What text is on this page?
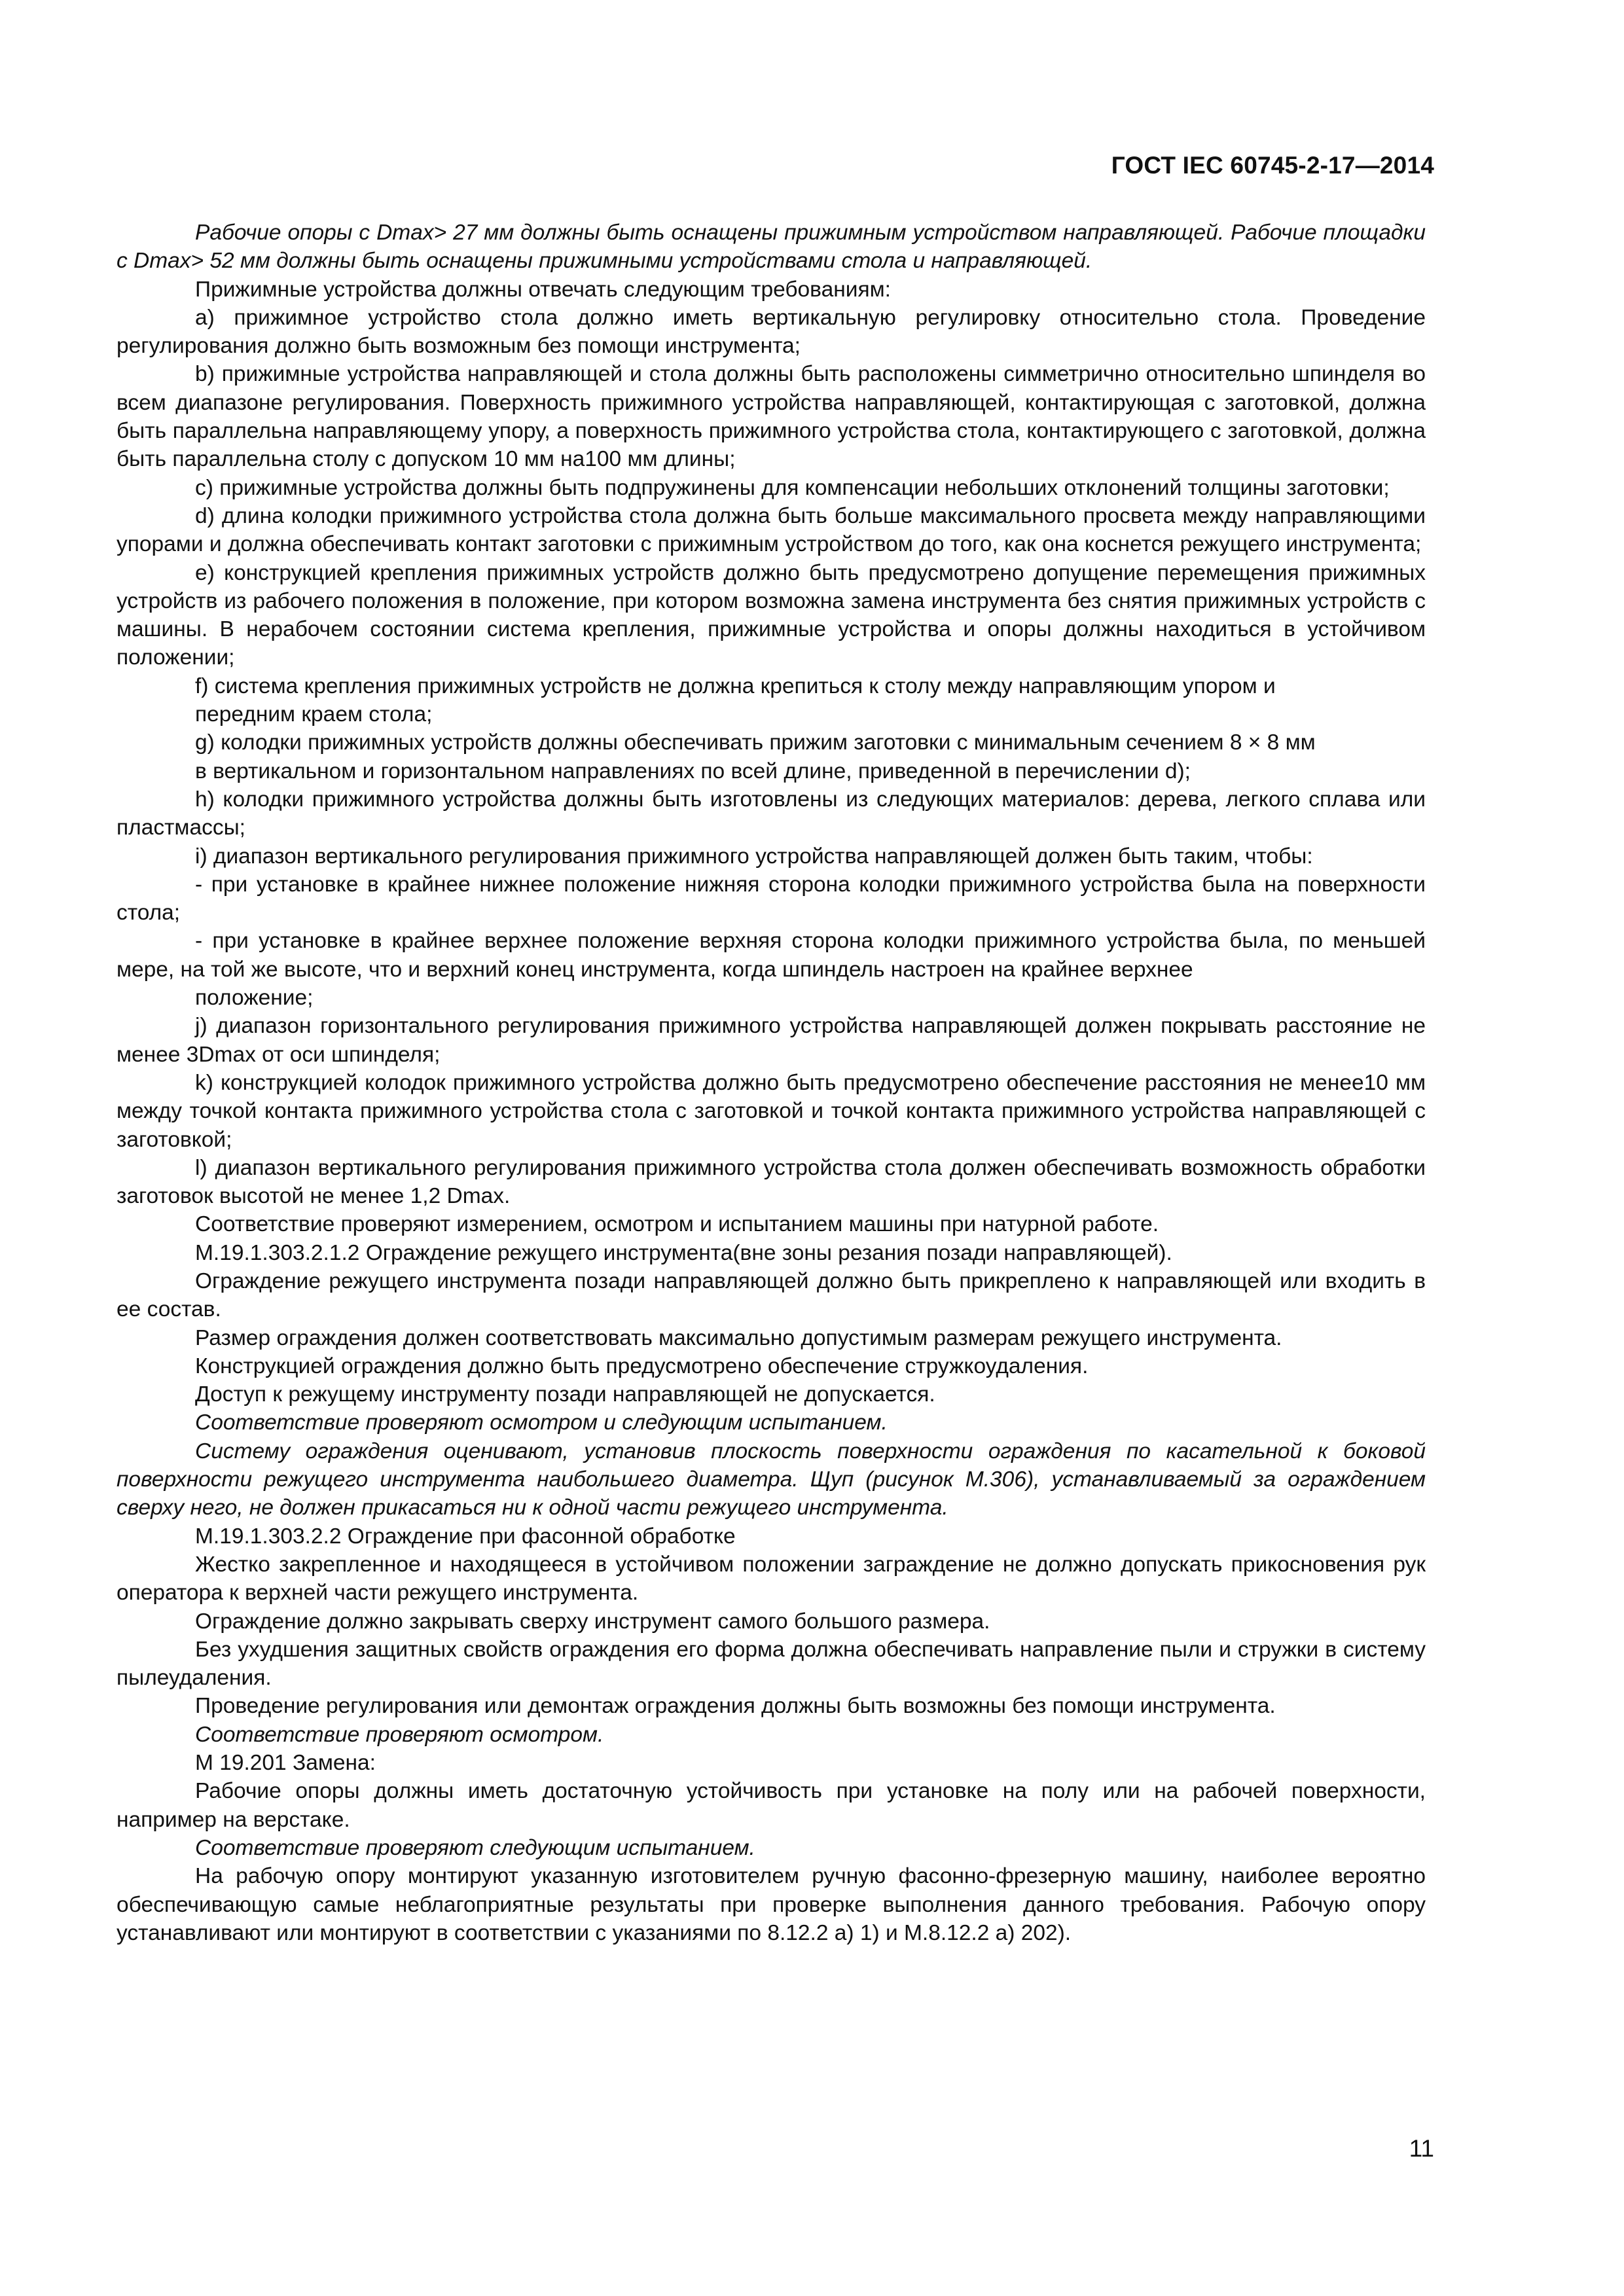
ГОСТ IEC 60745-2-17—2014

Рабочие опоры с Dmax> 27 мм должны быть оснащены прижимным устройством направляющей. Рабочие площадки с Dmax> 52 мм должны быть оснащены прижимными устройствами стола и направляющей.

Прижимные устройства должны отвечать следующим требованиям:

а) прижимное устройство стола должно иметь вертикальную регулировку относительно стола. Проведение регулирования должно быть возможным без помощи инструмента;

b) прижимные устройства направляющей и стола должны быть расположены симметрично относительно шпинделя во всем диапазоне регулирования. Поверхность прижимного устройства направляющей, контактирующая с заготовкой, должна быть параллельна направляющему упору, а поверхность прижимного устройства стола, контактирующего с заготовкой, должна быть параллельна столу с допуском 10 мм на100 мм длины;

c) прижимные устройства должны быть подпружинены для компенсации небольших отклонений толщины заготовки;

d) длина колодки прижимного устройства стола должна быть больше максимального просвета между направляющими упорами и должна обеспечивать контакт заготовки с прижимным устройством до того, как она коснется режущего инструмента;

e) конструкцией крепления прижимных устройств должно быть предусмотрено допущение перемещения прижимных устройств из рабочего положения в положение, при котором возможна замена инструмента без снятия прижимных устройств с машины. В нерабочем состоянии система крепления, прижимные устройства и опоры должны находиться в устойчивом положении;

f) система крепления прижимных устройств не должна крепиться к столу между направляющим упором и

передним краем стола;

g) колодки прижимных устройств должны обеспечивать прижим заготовки с минимальным сечением 8 × 8 мм

в вертикальном и горизонтальном направлениях по всей длине, приведенной в перечислении d);

h) колодки прижимного устройства должны быть изготовлены из следующих материалов: дерева, легкого сплава или пластмассы;

i) диапазон вертикального регулирования прижимного устройства направляющей должен быть таким, чтобы:

- при установке в крайнее нижнее положение нижняя сторона колодки прижимного устройства была на поверхности стола;

- при установке в крайнее верхнее положение верхняя сторона колодки прижимного устройства была, по меньшей мере, на той же высоте, что и верхний конец инструмента, когда шпиндель настроен на крайнее верхнее

положение;

j) диапазон горизонтального регулирования прижимного устройства направляющей должен покрывать расстояние не менее 3Dmax от оси шпинделя;

k) конструкцией колодок прижимного устройства должно быть предусмотрено обеспечение расстояния не менее10 мм между точкой контакта прижимного устройства стола с заготовкой и точкой контакта прижимного устройства направляющей с заготовкой;

l) диапазон вертикального регулирования прижимного устройства стола должен обеспечивать возможность обработки заготовок высотой не менее 1,2 Dmax.

Соответствие проверяют измерением, осмотром и испытанием машины при натурной работе.

М.19.1.303.2.1.2 Ограждение режущего инструмента(вне зоны резания позади направляющей).

Ограждение режущего инструмента позади направляющей должно быть прикреплено к направляющей или входить в ее состав.

Размер ограждения должен соответствовать максимально допустимым размерам режущего инструмента.

Конструкцией ограждения должно быть предусмотрено обеспечение стружкоудаления.

Доступ к режущему инструменту позади направляющей не допускается.

Соответствие проверяют осмотром и следующим испытанием.

Систему ограждения оценивают, установив плоскость поверхности ограждения по касательной к боковой поверхности режущего инструмента наибольшего диаметра. Щуп (рисунок М.306), устанавливаемый за ограждением сверху него, не должен прикасаться ни к одной части режущего инструмента.

М.19.1.303.2.2 Ограждение при фасонной обработке

Жестко закрепленное и находящееся в устойчивом положении заграждение не должно допускать прикосновения рук оператора к верхней части режущего инструмента.

Ограждение должно закрывать сверху инструмент самого большого размера.

Без ухудшения защитных свойств ограждения его форма должна обеспечивать направление пыли и стружки в систему пылеудаления.

Проведение регулирования или демонтаж ограждения должны быть возможны без помощи инструмента.

Соответствие проверяют осмотром.

М 19.201 Замена:

Рабочие опоры должны иметь достаточную устойчивость при установке на полу или на рабочей поверхности, например на верстаке.

Соответствие проверяют следующим испытанием.

На рабочую опору монтируют указанную изготовителем ручную фасонно-фрезерную машину, наиболее вероятно обеспечивающую самые неблагоприятные результаты при проверке выполнения данного требования. Рабочую опору устанавливают или монтируют в соответствии с указаниями по 8.12.2 а) 1) и М.8.12.2 а) 202).

11
